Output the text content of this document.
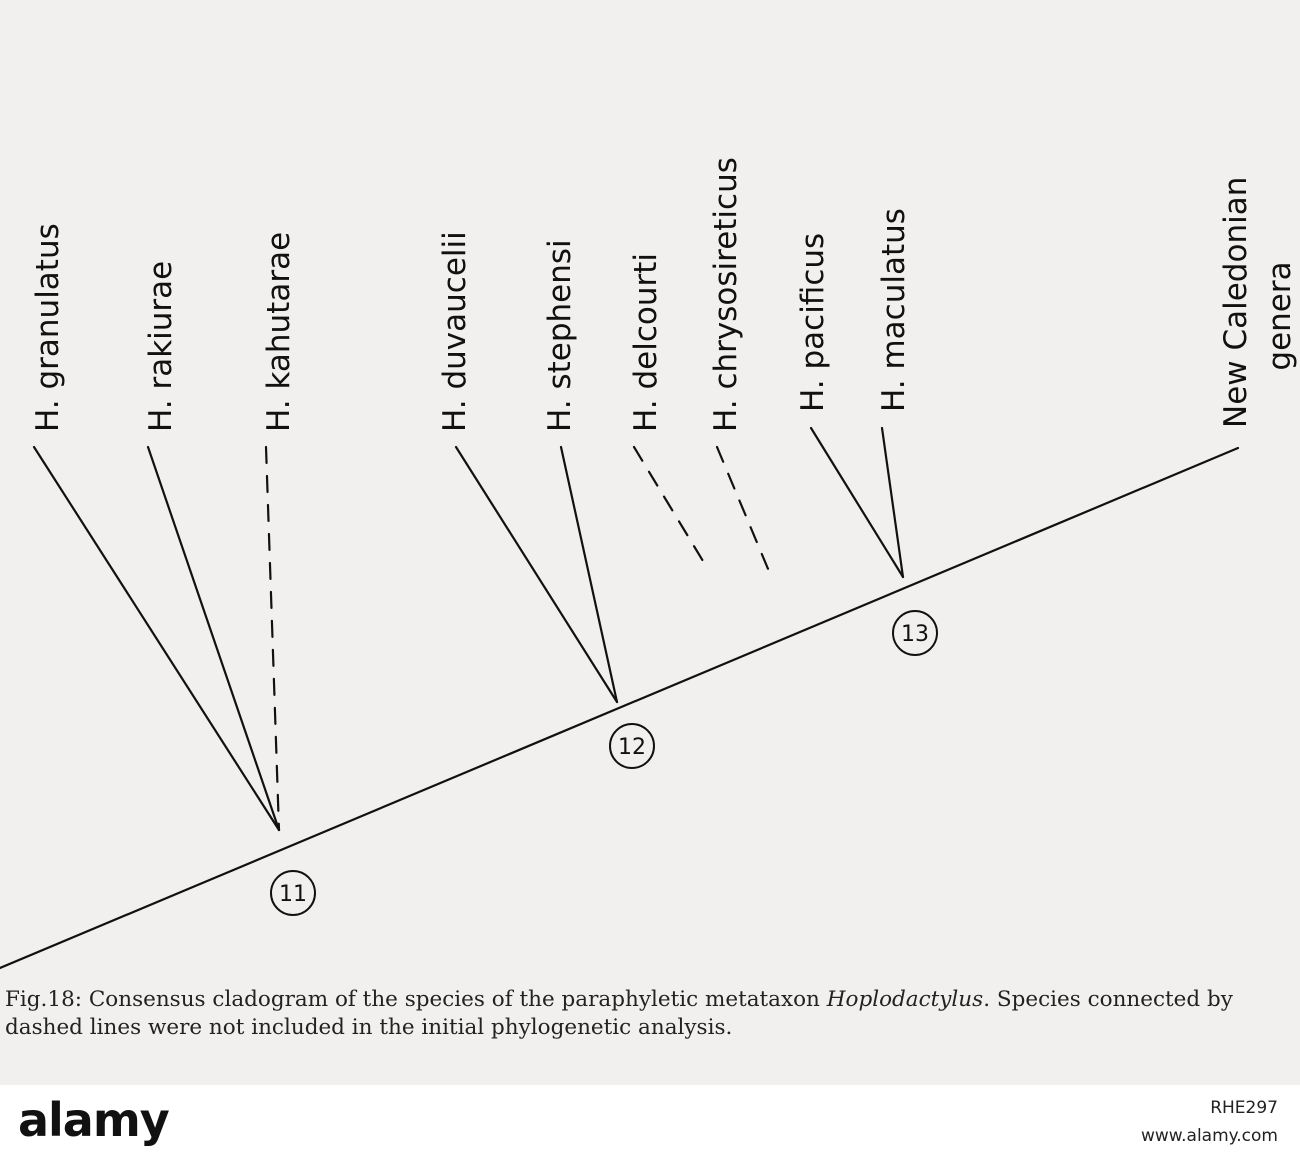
H. granulatus H. rakiurae	H. kahutarae	H. duvaucelii H. stephensi H. delcourti H. chrysosireticus H. pacificus H. maculatus	New Caledonian genera
11
12
13

Fig.18: Consensus cladogram of the species of the paraphyletic metataxon Hoplodactylus. Species connected by dashed lines were not included in the initial phylogenetic analysis.

alamy	RHE297
www.alamy.com
